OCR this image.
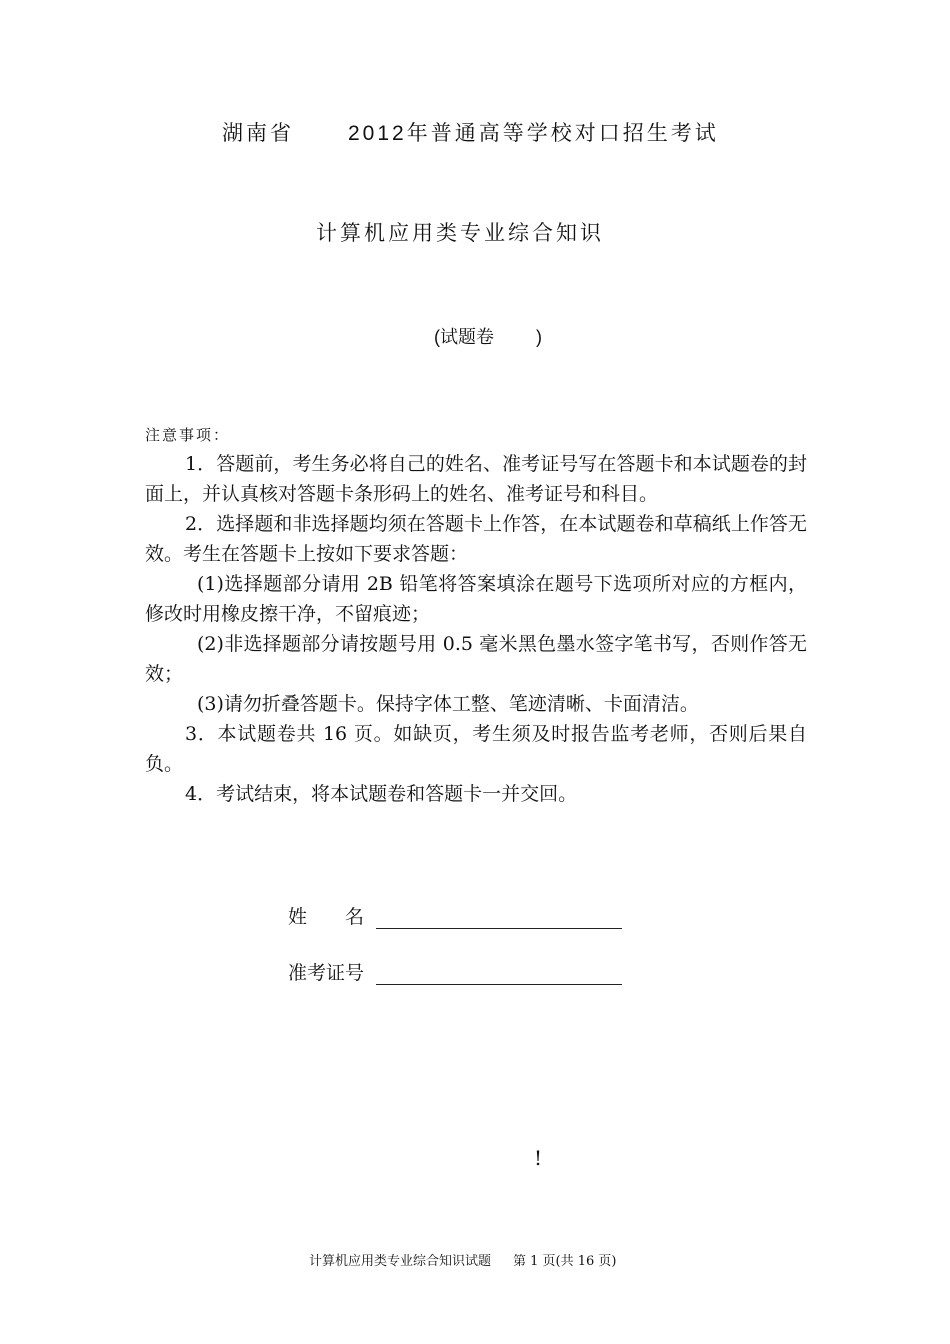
湖南省	2012年普通高等学校对口招生考试
计算机应用类专业综合知识
(试题卷 )
注意事项：

1．答题前，考生务必将自己的姓名、准考证号写在答题卡和本试题卷的封面上，并认真核对答题卡条形码上的姓名、准考证号和科目。

2．选择题和非选择题均须在答题卡上作答，在本试题卷和草稿纸上作答无效。考生在答题卡上按如下要求答题：

(1)选择题部分请用 2B 铅笔将答案填涂在题号下选项所对应的方框内，修改时用橡皮擦干净，不留痕迹；

(2)非选择题部分请按题号用 0.5 毫米黑色墨水签字笔书写，否则作答无效；

(3)请勿折叠答题卡。保持字体工整、笔迹清晰、卡面清洁。

3．本试题卷共 16 页。如缺页，考生须及时报告监考老师，否则后果自负。

4．考试结束，将本试题卷和答题卡一并交回。

姓　　名
准考证号
!
计算机应用类专业综合知识试题 第 1 页(共 16 页)
